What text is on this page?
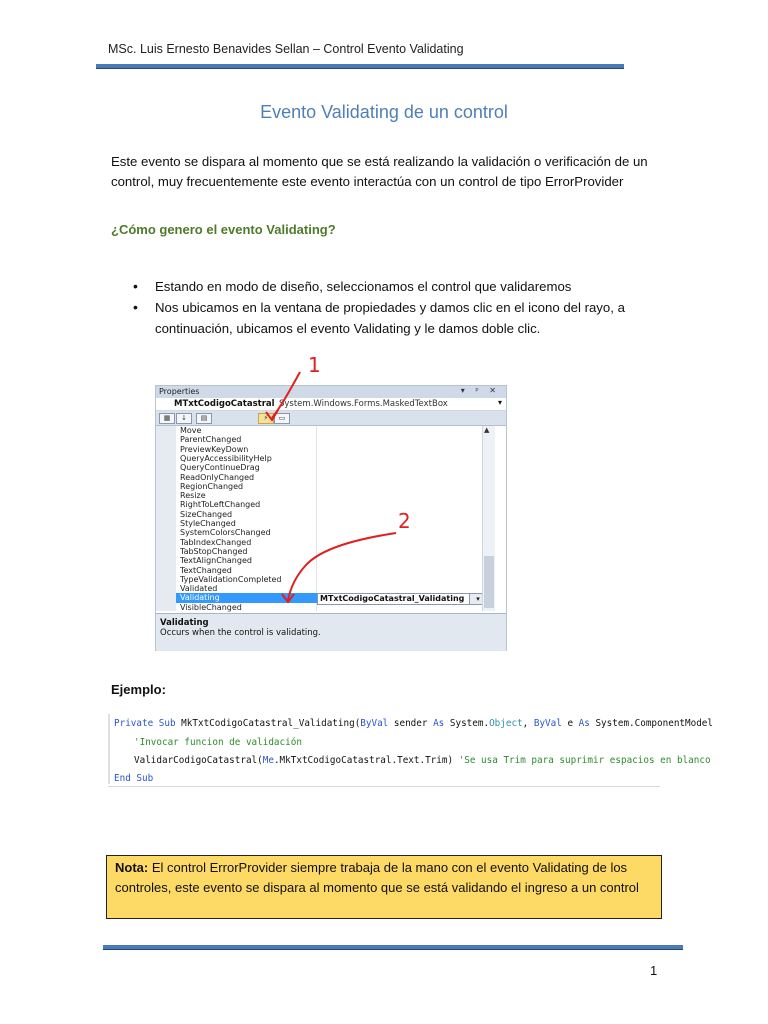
MSc. Luis Ernesto Benavides Sellan – Control Evento Validating
Evento Validating de un control
Este evento se dispara al momento que se está realizando la validación o verificación de un control, muy frecuentemente este evento interactúa con un control de tipo ErrorProvider
¿Cómo genero el evento Validating?
• Estando en modo de diseño, seleccionamos el control que validaremos
• Nos ubicamos en la ventana de propiedades y damos clic en el icono del rayo, a continuación, ubicamos el evento Validating y le damos doble clic.
Properties	▾ ᵖ ✕
MTxtCodigoCatastral System.Windows.Forms.MaskedTextBox	▾
▦	↓	▤	⚡	▭
Move
ParentChanged
PreviewKeyDown
QueryAccessibilityHelp
QueryContinueDrag
ReadOnlyChanged
RegionChanged
Resize
RightToLeftChanged
SizeChanged
StyleChanged
SystemColorsChanged
TabIndexChanged
TabStopChanged
TextAlignChanged
TextChanged
TypeValidationCompleted
Validated
Validating	MTxtCodigoCatastral_Validating	▾
VisibleChanged
▲
Validating
Occurs when the control is validating.
1
2
Ejemplo:
Private Sub MkTxtCodigoCatastral_Validating(ByVal sender As System.Object, ByVal e As System.ComponentModel
'Invocar funcion de validación
ValidarCodigoCatastral(Me.MkTxtCodigoCatastral.Text.Trim) 'Se usa Trim para suprimir espacios en blanco
End Sub
Nota: El control ErrorProvider siempre trabaja de la mano con el evento Validating de los controles, este evento se dispara al momento que se está validando el ingreso a un control
1
